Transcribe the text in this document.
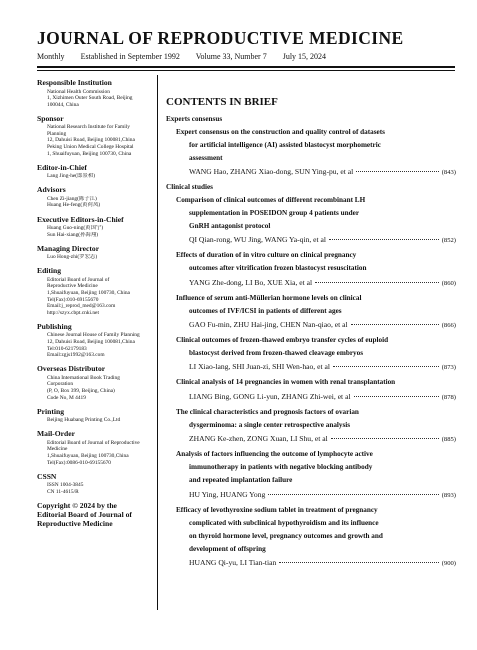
JOURNAL OF REPRODUCTIVE MEDICINE
Monthly Established in September 1992 Volume 33, Number 7 July 15, 2024
Responsible Institution
National Health Commission
1, Xizhimen Outer South Road, Beijing
100044, China
Sponsor
National Research Institute for Family
Planning
12, Dahuisi Road, Beijing 100081,China
Peking Union Medical College Hospital
1, Shuaifuyuan, Beijing 100730, China
Editor-in-Chief
Lang Jing-he(郎景和)
Advisors
Chen Zi-jiang(陈子江)
Huang He-feng(黄荷凤)
Executive Editors-in-Chief
Huang Guo-ning(黄国宁)
Sun Hai-xiang(孙海翔)
Managing Director
Luo Hong-zhi(罗宏志)
Editing
Editorial Board of Journal of
Reproductive Medicine
1,Shuaifuyuan, Beijing 100730, China
Tel(Fax):010-69155670
Email:j_reprod_med@163.com
http://szyx.cbpt.cnki.net
Publishing
Chinese Journal House of Family Planning
12, Dahuisi Road, Beijing 100081,China
Tel:010-62179183
Email:zgjs1992@163.com
Overseas Distributor
China International Book Trading
Corporation
(P, O, Box 399, Beijing, China)
Code No, M 4419
Printing
Beijing Huabang Printing Co.,Ltd
Mail-Order
Editorial Board of Journal of Reproductive
Medicine
1,Shuaifuyuan, Beijing 100730,China
Tel(Fax):0086-010-69155670
CSSN
ISSN 1004-3845
CN 11-4615/R
Copyright © 2024 by the
Editorial Board of Journal of
Reproductive Medicine
CONTENTS IN BRIEF
Experts consensus
Expert consensus on the construction and quality control of datasets
for artificial intelligence (AI) assisted blastocyst morphometric
assessment
WANG Hao, ZHANG Xiao-dong, SUN Ying-pu, et al	(843)
Clinical studies
Comparison of clinical outcomes of different recombinant LH
supplementation in POSEIDON group 4 patients under
GnRH antagonist protocol
QI Qian-rong, WU Jing, WANG Ya-qin, et al	(852)
Effects of duration of in vitro culture on clinical pregnancy
outcomes after vitrification frozen blastocyst resuscitation
YANG Zhe-dong, LI Bo, XUE Xia, et al	(860)
Influence of serum anti-Müllerian hormone levels on clinical
outcomes of IVF/ICSI in patients of different ages
GAO Fu-min, ZHU Hai-jing, CHEN Nan-qiao, et al	(866)
Clinical outcomes of frozen-thawed embryo transfer cycles of euploid
blastocyst derived from frozen-thawed cleavage embryos
LI Xiao-lang, SHI Juan-zi, SHI Wen-hao, et al	(873)
Clinical analysis of 14 pregnancies in women with renal transplantation
LIANG Bing, GONG Li-yun, ZHANG Zhi-wei, et al	(878)
The clinical characteristics and prognosis factors of ovarian
dysgerminoma: a single center retrospective analysis
ZHANG Ke-zhen, ZONG Xuan, LI Shu, et al	(885)
Analysis of factors influencing the outcome of lymphocyte active
immunotherapy in patients with negative blocking antibody
and repeated implantation failure
HU Ying, HUANG Yong	(893)
Efficacy of levothyroxine sodium tablet in treatment of pregnancy
complicated with subclinical hypothyroidism and its influence
on thyroid hormone level, pregnancy outcomes and growth and
development of offspring
HUANG Qi-yu, LI Tian-tian	(900)
